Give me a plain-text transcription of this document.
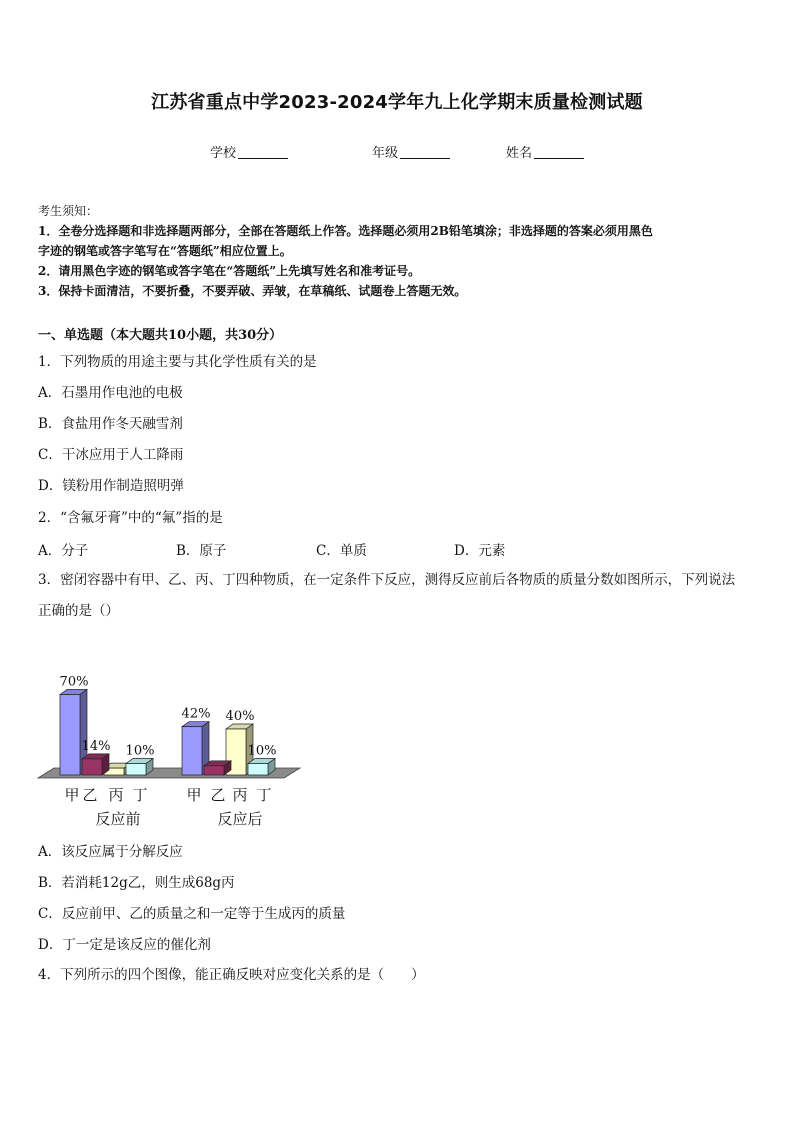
江苏省重点中学2023-2024学年九上化学期末质量检测试题
学校	年级	姓名
考生须知：
1．全卷分选择题和非选择题两部分，全部在答题纸上作答。选择题必须用2B铅笔填涂；非选择题的答案必须用黑色
字迹的钢笔或答字笔写在“答题纸”相应位置上。
2．请用黑色字迹的钢笔或答字笔在“答题纸”上先填写姓名和准考证号。
3．保持卡面清洁，不要折叠，不要弄破、弄皱，在草稿纸、试题卷上答题无效。
一、单选题（本大题共10小题，共30分）
1．下列物质的用途主要与其化学性质有关的是
A．石墨用作电池的电极
B．食盐用作冬天融雪剂
C．干冰应用于人工降雨
D．镁粉用作制造照明弹
2．“含氟牙膏”中的“氟”指的是
A．分子	B．原子	C．单质	D．元素
3．密闭容器中有甲、乙、丙、丁四种物质，在一定条件下反应，测得反应前后各物质的质量分数如图所示，下列说法
正确的是（）
70%
14% 10%
甲 乙 丙 丁
反应前
42% 40%
10%
甲 乙 丙 丁
反应后
A．该反应属于分解反应
B．若消耗12g乙，则生成68g丙
C．反应前甲、乙的质量之和一定等于生成丙的质量
D．丁一定是该反应的催化剂
4．下列所示的四个图像，能正确反映对应变化关系的是（　　）
